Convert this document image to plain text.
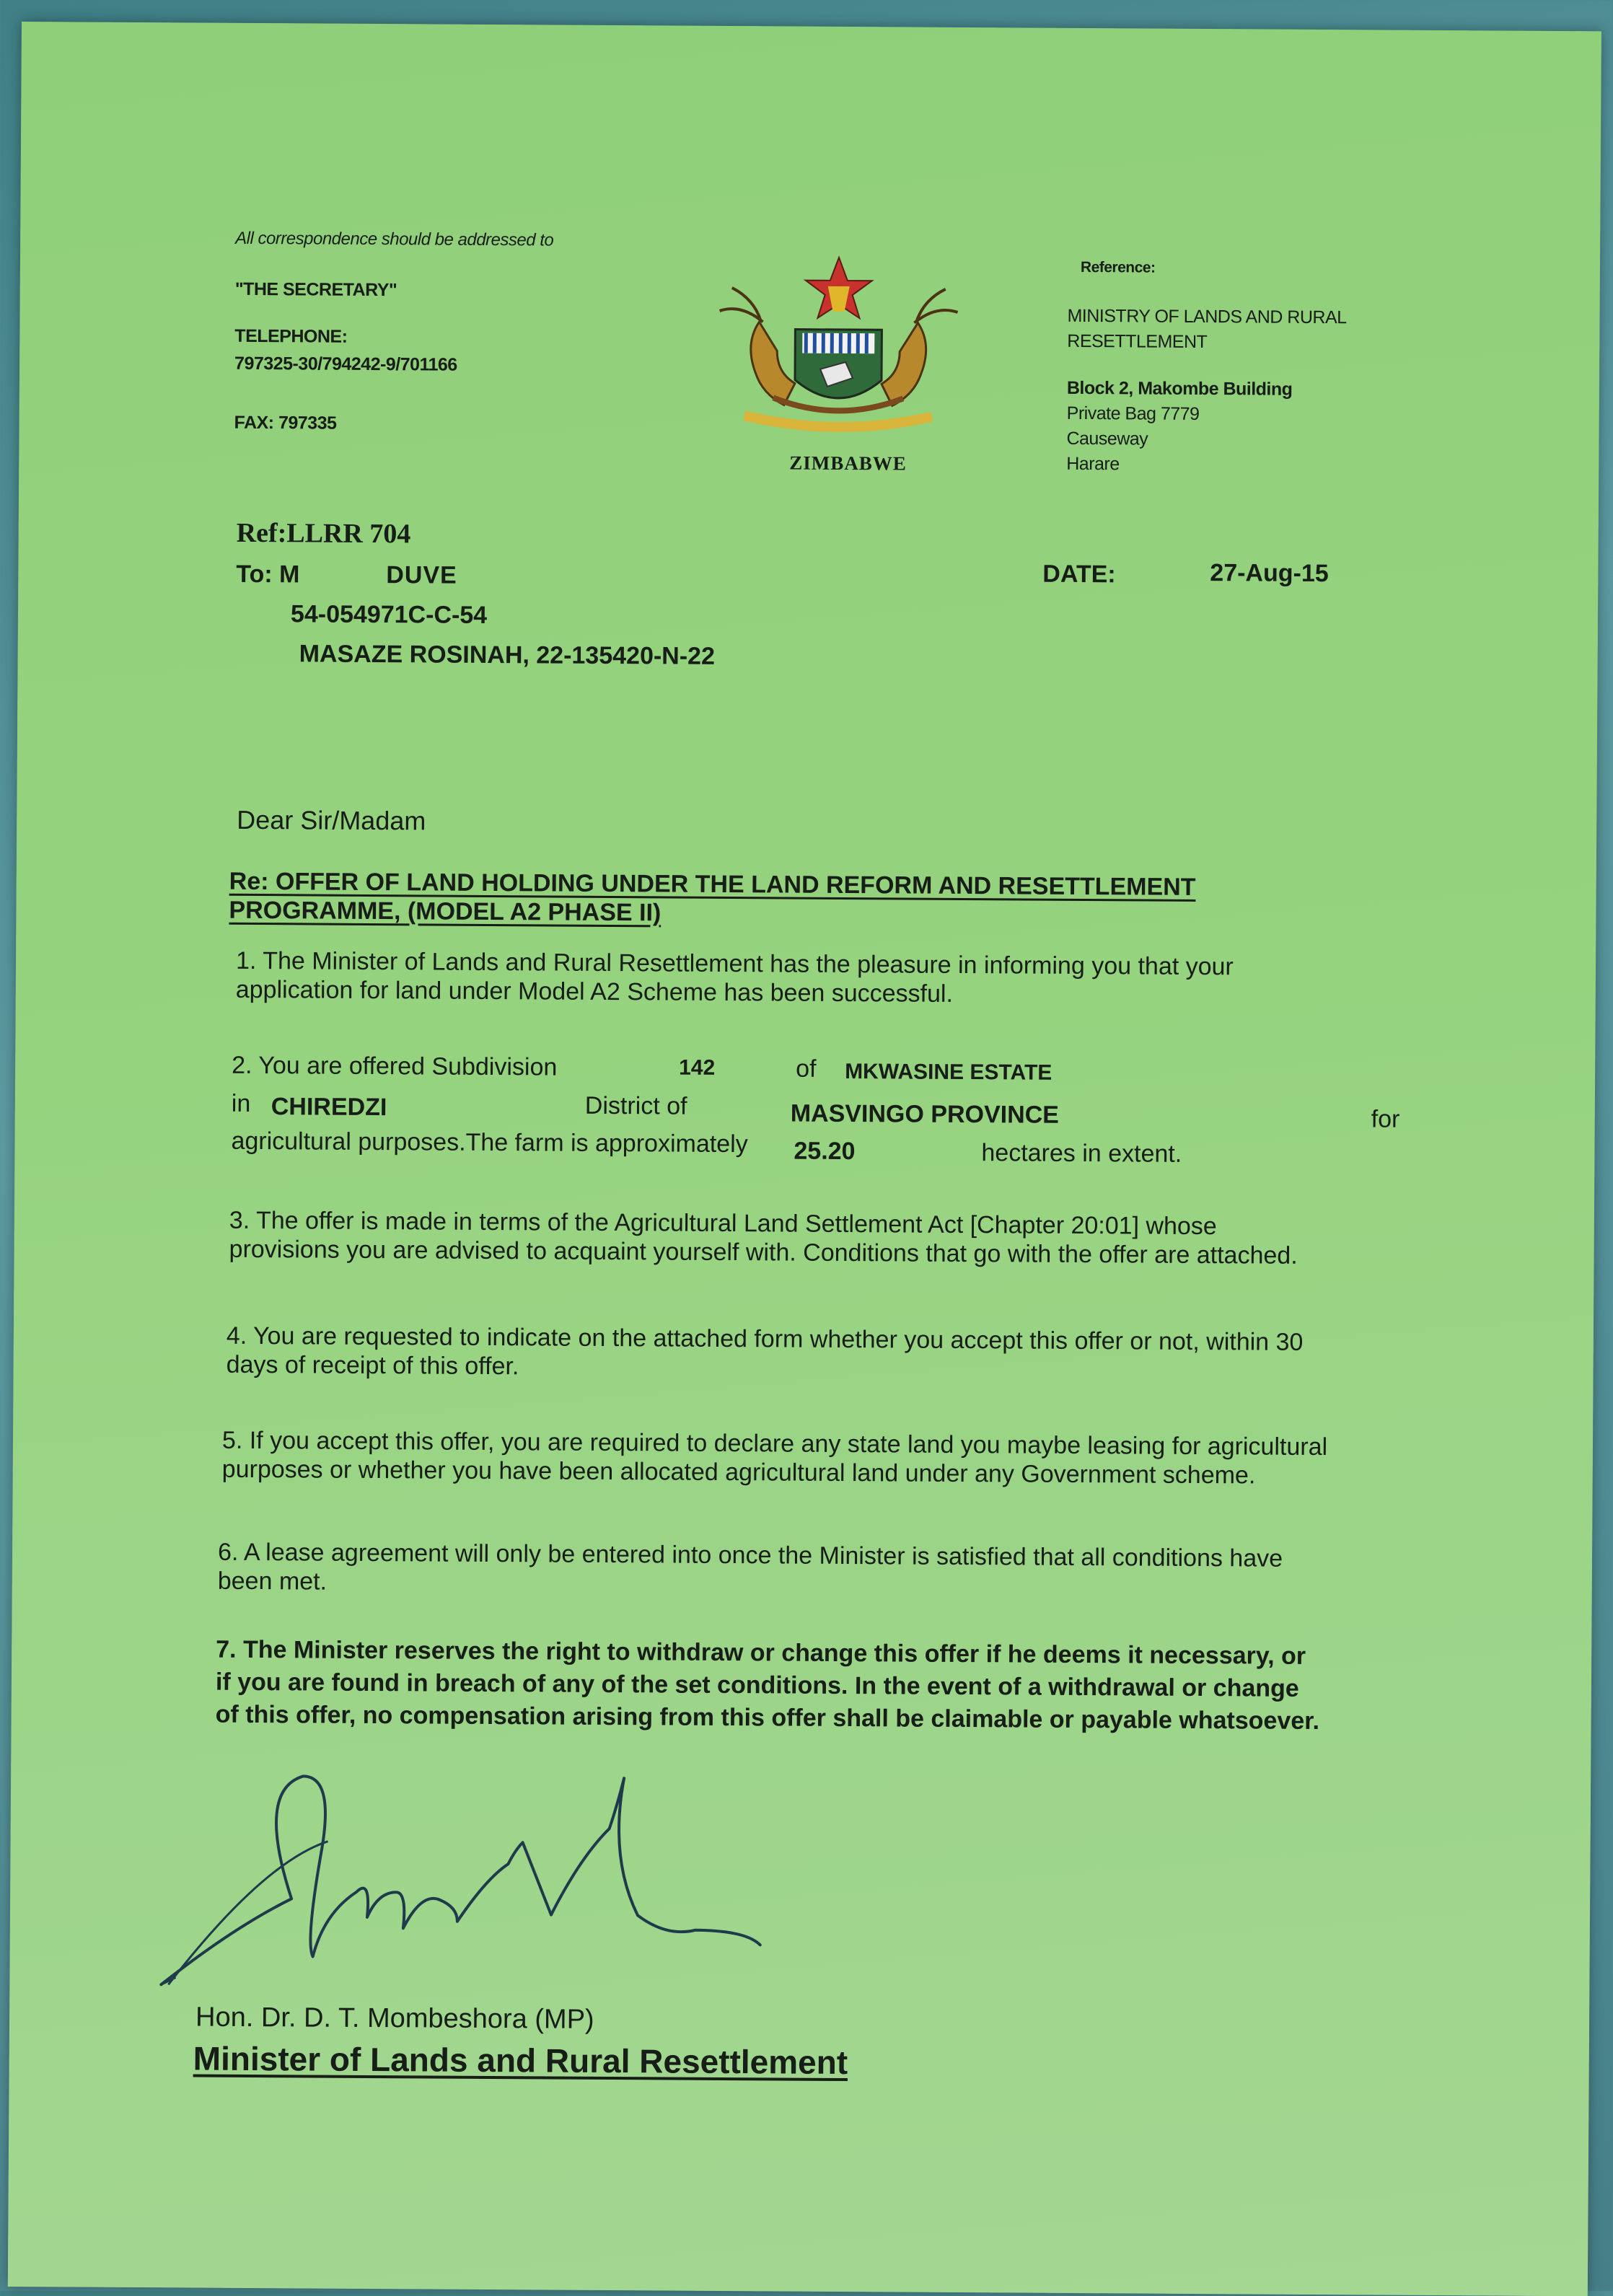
All correspondence should be addressed to
"THE SECRETARY"
TELEPHONE:
797325-30/794242-9/701166
FAX: 797335
ZIMBABWE
Reference:
MINISTRY OF LANDS AND RURAL
RESETTLEMENT
Block 2, Makombe Building
Private Bag 7779
Causeway
Harare
Ref:LLRR 704
To: M	DUVE
54-054971C-C-54
MASAZE ROSINAH, 22-135420-N-22
DATE:	27-Aug-15
Dear Sir/Madam
Re: OFFER OF LAND HOLDING UNDER THE LAND REFORM AND RESETTLEMENT
PROGRAMME, (MODEL A2 PHASE II)
1. The Minister of Lands and Rural Resettlement has the pleasure in informing you that your
application for land under Model A2 Scheme has been successful.
2. You are offered Subdivision	142	of MKWASINE ESTATE
in CHIREDZI	District of	MASVINGO PROVINCE	for
agricultural purposes.The farm is approximately 25.20	hectares in extent.
3. The offer is made in terms of the Agricultural Land Settlement Act [Chapter 20:01] whose
provisions you are advised to acquaint yourself with. Conditions that go with the offer are attached.
4. You are requested to indicate on the attached form whether you accept this offer or not, within 30
days of receipt of this offer.
5. If you accept this offer, you are required to declare any state land you maybe leasing for agricultural
purposes or whether you have been allocated agricultural land under any Government scheme.
6. A lease agreement will only be entered into once the Minister is satisfied that all conditions have
been met.
7. The Minister reserves the right to withdraw or change this offer if he deems it necessary, or
if you are found in breach of any of the set conditions. In the event of a withdrawal or change
of this offer, no compensation arising from this offer shall be claimable or payable whatsoever.
Hon. Dr. D. T. Mombeshora (MP)
Minister of Lands and Rural Resettlement
